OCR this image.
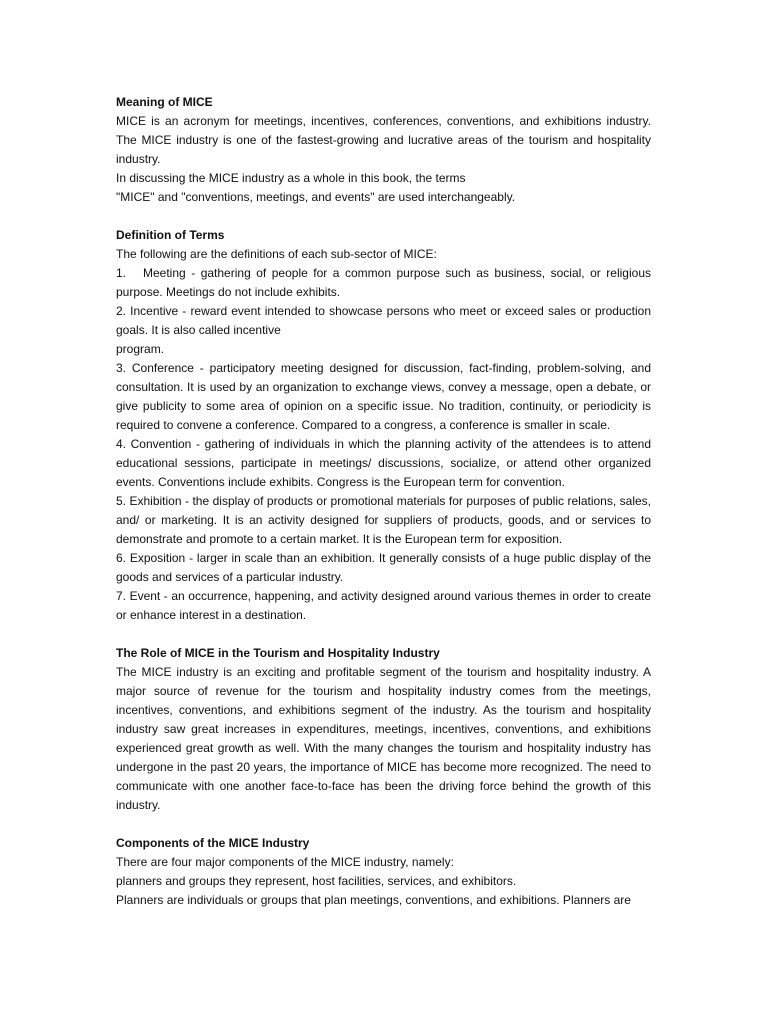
Meaning of MICE

MICE is an acronym for meetings, incentives, conferences, conventions, and exhibitions industry. The MICE industry is one of the fastest-growing and lucrative areas of the tourism and hospitality industry.

In discussing the MICE industry as a whole in this book, the terms

"MICE" and "conventions, meetings, and events" are used interchangeably.

Definition of Terms

The following are the definitions of each sub-sector of MICE:

1. Meeting - gathering of people for a common purpose such as business, social, or religious purpose. Meetings do not include exhibits.

2. Incentive - reward event intended to showcase persons who meet or exceed sales or production goals. It is also called incentive

program.

3. Conference - participatory meeting designed for discussion, fact-finding, problem-solving, and consultation. It is used by an organization to exchange views, convey a message, open a debate, or give publicity to some area of opinion on a specific issue. No tradition, continuity, or periodicity is required to convene a conference. Compared to a congress, a conference is smaller in scale.

4. Convention - gathering of individuals in which the planning activity of the attendees is to attend educational sessions, participate in meetings/ discussions, socialize, or attend other organized events. Conventions include exhibits. Congress is the European term for convention.

5. Exhibition - the display of products or promotional materials for purposes of public relations, sales, and/ or marketing. It is an activity designed for suppliers of products, goods, and or services to demonstrate and promote to a certain market. It is the European term for exposition.

6. Exposition - larger in scale than an exhibition. It generally consists of a huge public display of the goods and services of a particular industry.

7. Event - an occurrence, happening, and activity designed around various themes in order to create or enhance interest in a destination.

The Role of MICE in the Tourism and Hospitality Industry

The MICE industry is an exciting and profitable segment of the tourism and hospitality industry. A major source of revenue for the tourism and hospitality industry comes from the meetings, incentives, conventions, and exhibitions segment of the industry. As the tourism and hospitality industry saw great increases in expenditures, meetings, incentives, conventions, and exhibitions experienced great growth as well. With the many changes the tourism and hospitality industry has undergone in the past 20 years, the importance of MICE has become more recognized. The need to communicate with one another face-to-face has been the driving force behind the growth of this industry.

Components of the MICE Industry

There are four major components of the MICE industry, namely:

planners and groups they represent, host facilities, services, and exhibitors.

Planners are individuals or groups that plan meetings, conventions, and exhibitions. Planners are
